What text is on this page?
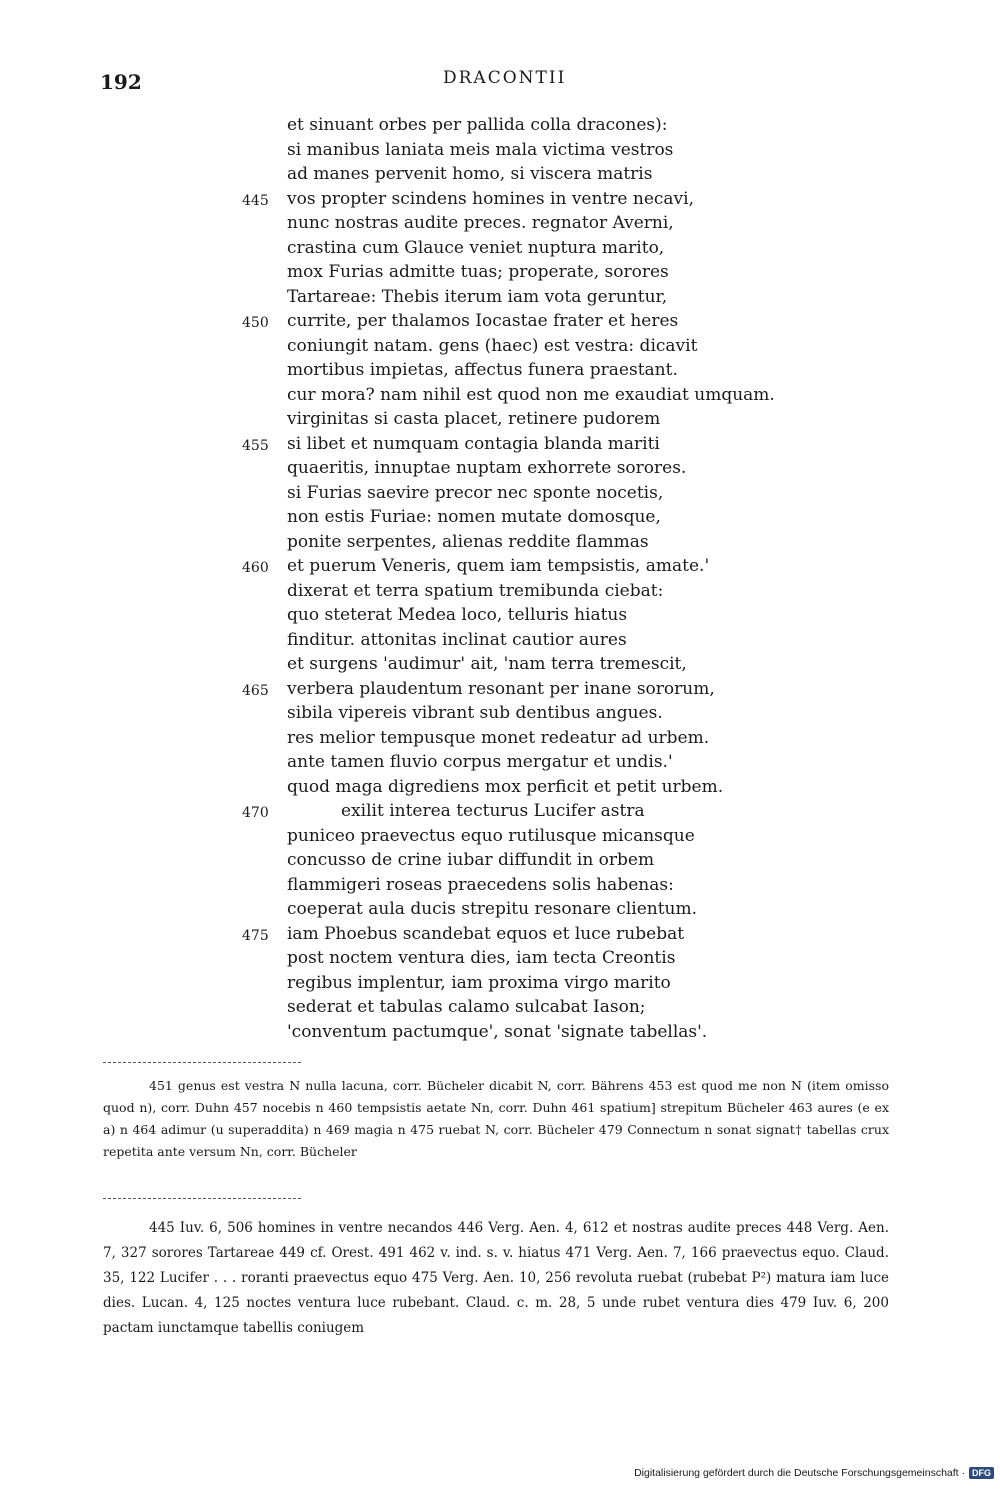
192	DRACONTII
et sinuant orbes per pallida colla dracones):
si manibus laniata meis mala victima vestros
ad manes pervenit homo, si viscera matris
445 vos propter scindens homines in ventre necavi,
nunc nostras audite preces. regnator Averni,
crastina cum Glauce veniet nuptura marito,
mox Furias admitte tuas; properate, sorores
Tartareae: Thebis iterum iam vota geruntur,
450 currite, per thalamos Iocastae frater et heres
coniungit natam. gens (haec) est vestra: dicavit
mortibus impietas, affectus funera praestant.
cur mora? nam nihil est quod non me exaudiat umquam.
virginitas si casta placet, retinere pudorem
455 si libet et numquam contagia blanda mariti
quaeritis, innuptae nuptam exhorrete sorores.
si Furias saevire precor nec sponte nocetis,
non estis Furiae: nomen mutate domosque,
ponite serpentes, alienas reddite flammas
460 et puerum Veneris, quem iam tempsistis, amate.'
dixerat et terra spatium tremibunda ciebat:
quo steterat Medea loco, telluris hiatus
finditur. attonitas inclinat cautior aures
et surgens 'audimur' ait, 'nam terra tremescit,
465 verbera plaudentum resonant per inane sororum,
sibila vipereis vibrant sub dentibus angues.
res melior tempusque monet redeatur ad urbem.
ante tamen fluvio corpus mergatur et undis.'
quod maga digrediens mox perficit et petit urbem.
470	exilit interea tecturus Lucifer astra
puniceo praevectus equo rutilusque micansque
concusso de crine iubar diffundit in orbem
flammigeri roseas praecedens solis habenas:
coeperat aula ducis strepitu resonare clientum.
475 iam Phoebus scandebat equos et luce rubebat
post noctem ventura dies, iam tecta Creontis
regibus implentur, iam proxima virgo marito
sederat et tabulas calamo sulcabat Iason;
'conventum pactumque', sonat 'signate tabellas'.

451 genus est vestra N nulla lacuna, corr. Bücheler dicabit N, corr. Bährens 453 est quod me non N (item omisso quod n), corr. Duhn 457 nocebis n 460 tempsistis aetate Nn, corr. Duhn 461 spatium] strepitum Bücheler 463 aures (e ex a) n 464 adimur (u superaddita) n 469 magia n 475 ruebat N, corr. Bücheler 479 Connectum n sonat signat† tabellas crux repetita ante versum Nn, corr. Bücheler

445 Iuv. 6, 506 homines in ventre necandos 446 Verg. Aen. 4, 612 et nostras audite preces 448 Verg. Aen. 7, 327 sorores Tartareae 449 cf. Orest. 491 462 v. ind. s. v. hiatus 471 Verg. Aen. 7, 166 praevectus equo. Claud. 35, 122 Lucifer . . . roranti praevectus equo 475 Verg. Aen. 10, 256 revoluta ruebat (rubebat P²) matura iam luce dies. Lucan. 4, 125 noctes ventura luce rubebant. Claud. c. m. 28, 5 unde rubet ventura dies 479 Iuv. 6, 200 pactam iunctamque tabellis coniugem

Digitalisierung gefördert durch die Deutsche Forschungsgemeinschaft · DFG
